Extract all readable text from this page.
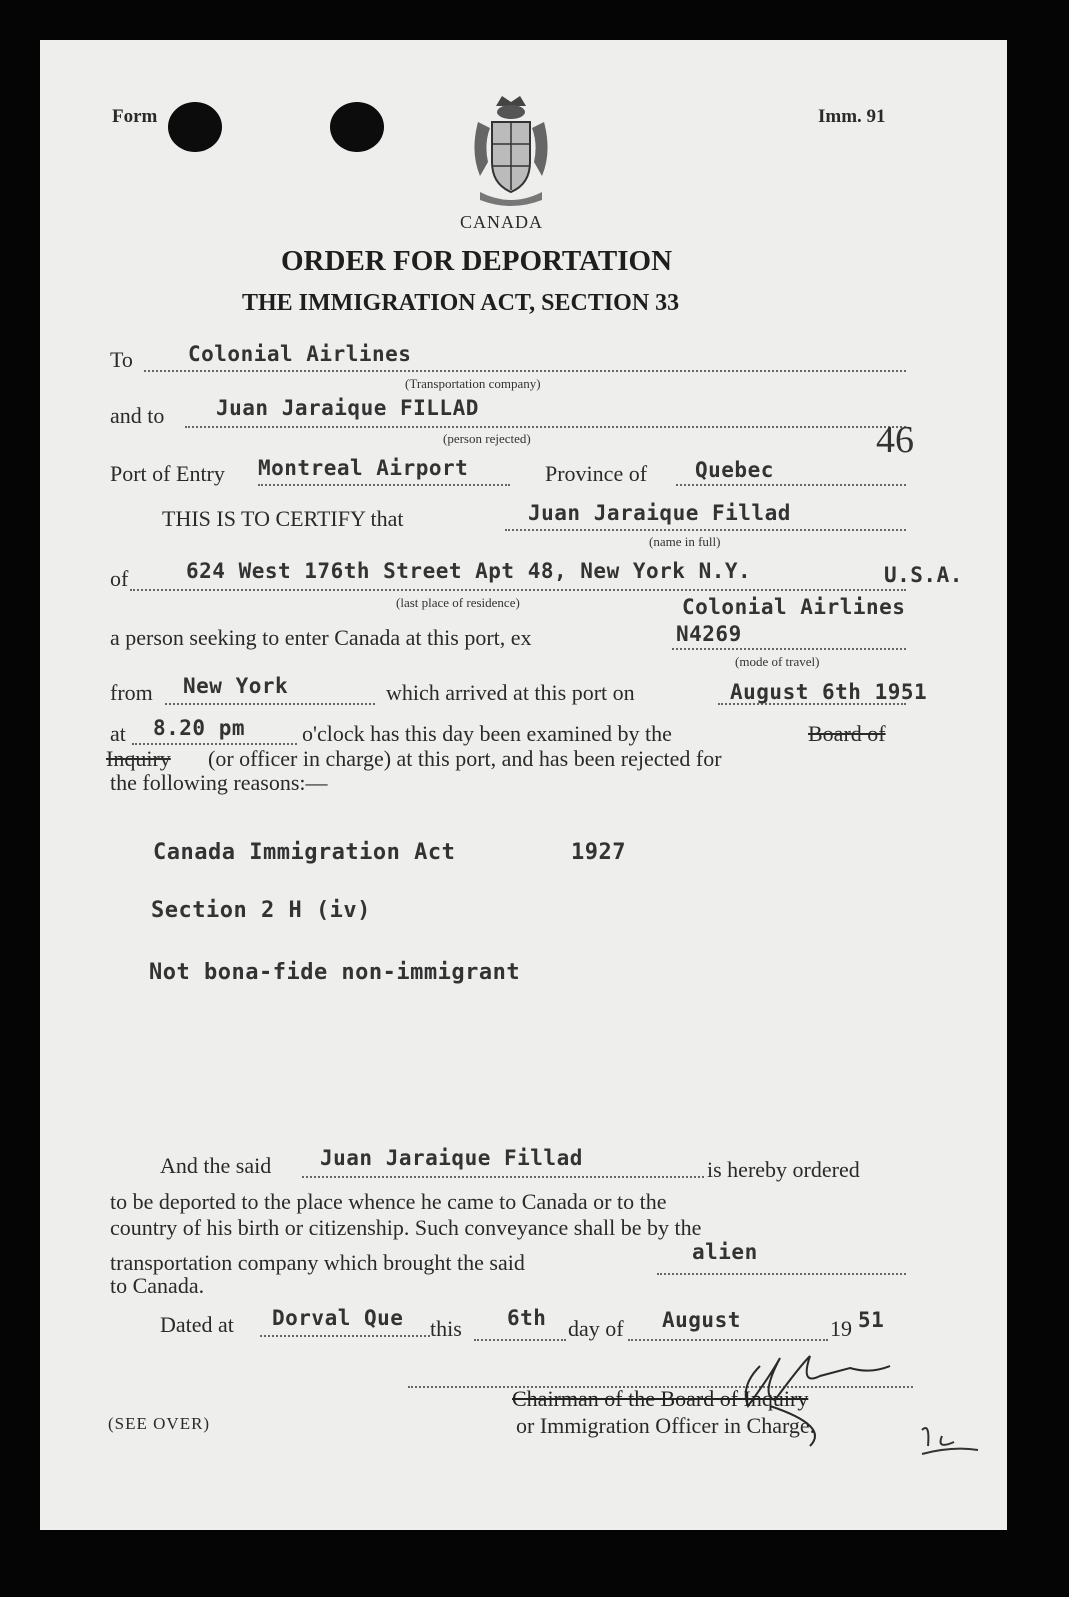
Form	Imm. 91
CANADA
ORDER FOR DEPORTATION
THE IMMIGRATION ACT, SECTION 33
To	Colonial Airlines
(Transportation company)
and to Juan Jaraique FILLAD
(person rejected)	46
Port of Entry Montreal Airport	Province of Quebec
THIS IS TO CERTIFY that	Juan Jaraique Fillad
(name in full)
of	624 West 176th Street Apt 48, New York N.Y.	U.S.A.
(last place of residence)	Colonial Airlines
a person seeking to enter Canada at this port, ex	N4269
(mode of travel)
from New York	which arrived at this port on	August 6th 1951
at 8.20 pm	o'clock has this day been examined by the	Board of
Inquiry (or officer in charge) at this port, and has been rejected for
the following reasons:—
Canada Immigration Act	1927
Section 2 H (iv)
Not bona-fide non-immigrant
And the said Juan Jaraique Fillad	is hereby ordered
to be deported to the place whence he came to Canada or to the
country of his birth or citizenship. Such conveyance shall be by the
transportation company which brought the said	alien
to Canada.
Dated at Dorval Que this 6th day of August	19 51
Chairman of the Board of Inquiry
or Immigration Officer in Charge.
(SEE OVER)
